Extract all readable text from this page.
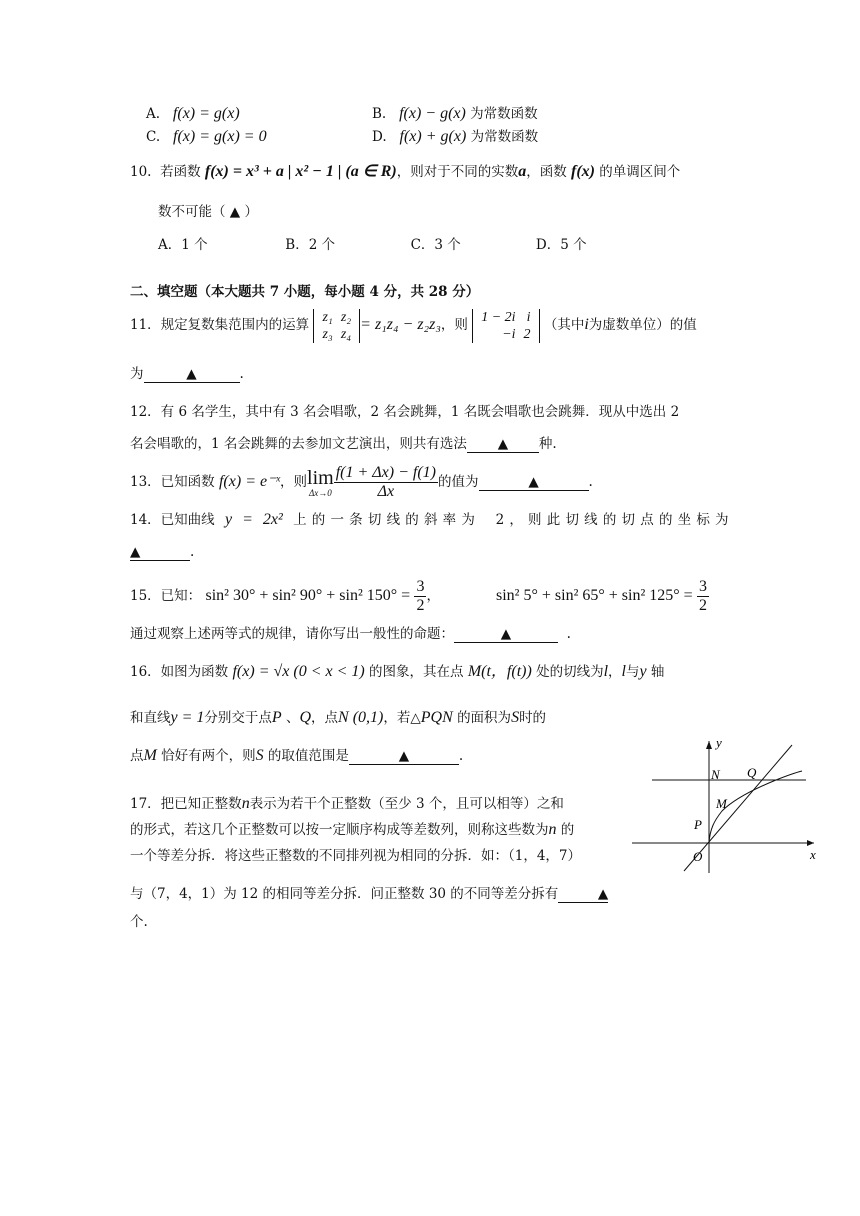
A. f(x) = g(x)	B. f(x) − g(x) 为常数函数
C. f(x) = g(x) = 0	D. f(x) + g(x) 为常数函数
10. 若函数 f(x) = x³ + a | x² − 1 | (a ∈ R)，则对于不同的实数a，函数 f(x) 的单调区间个
数不可能（ ▲ ）
A．1 个	B．2 个	C．3 个	D．5 个
二、填空题（本大题共 7 小题，每小题 4 分，共 28 分）
11．规定复数集范围内的运算 z₁	z₂
z₃	z₄
= z₁z₄ − z₂z₃，则 1 − 2i	i
−i	2
（其中i为虚数单位）的值
为	▲	.
12．有 6 名学生，其中有 3 名会唱歌，2 名会跳舞，1 名既会唱歌也会跳舞．现从中选出 2
名会唱歌的，1 名会跳舞的去参加文艺演出，则共有选法 ▲ 种.
13．已知函数 f(x) = e⁻ˣ，则 lim
$\Delta x\to 0 \frac{f(1 + \Delta x) - f(1)}{\Delta x}$ 的值为	▲	.
14．已知曲线 y = 2x² 上的一条切线的斜率为 2，则此切线的切点的坐标为
▲	.
15．已知： sin² 30° + sin² 90° + sin² $150^\circ = \frac{3}{2}$ ，	sin² 5° + sin² 65° + sin² $125^\circ = \frac{3}{2}$
通过观察上述两等式的规律，请你写出一般性的命题：	▲	.
16．如图为函数 f(x) = √x (0 < x < 1) 的图象，其在点 M(t，f(t)) 处的切线为l，l与y 轴
和直线y = 1分别交于点P 、Q，点N (0,1)，若△PQN 的面积为S时的
点M 恰好有两个，则S 的取值范围是	▲	.
17．把已知正整数n表示为若干个正整数（至少 3 个，且可以相等）之和
的形式，若这几个正整数可以按一定顺序构成等差数列，则称这些数为n 的
一个等差分拆．将这些正整数的不同排列视为相同的分拆．如：（1，4，7）
与（7，4，1）为 12 的相同等差分拆．问正整数 30 的不同等差分拆有	▲
个.
y
x
N Q
M
P
O
